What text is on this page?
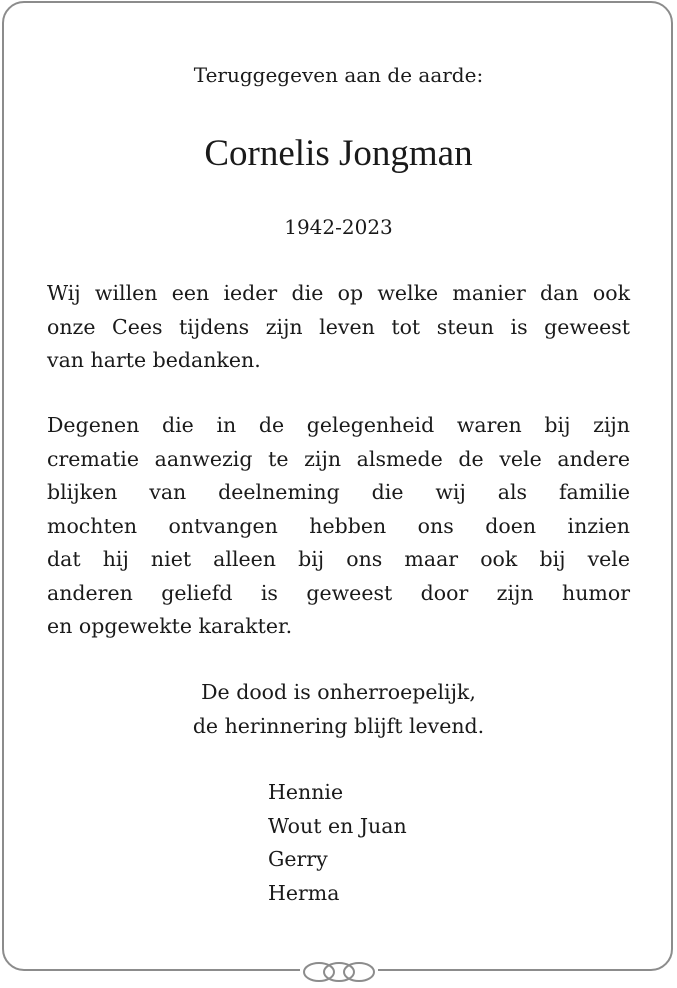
Teruggegeven aan de aarde:
Cornelis Jongman
1942-2023

Wij willen een ieder die op welke manier dan ook
onze Cees tijdens zijn leven tot steun is geweest
van harte bedanken.

Degenen die in de gelegenheid waren bij zijn
crematie aanwezig te zijn alsmede de vele andere
blijken van deelneming die wij als familie
mochten ontvangen hebben ons doen inzien
dat hij niet alleen bij ons maar ook bij vele
anderen geliefd is geweest door zijn humor
en opgewekte karakter.

De dood is onherroepelijk,
de herinnering blijft levend.
Hennie
Wout en Juan
Gerry
Herma
